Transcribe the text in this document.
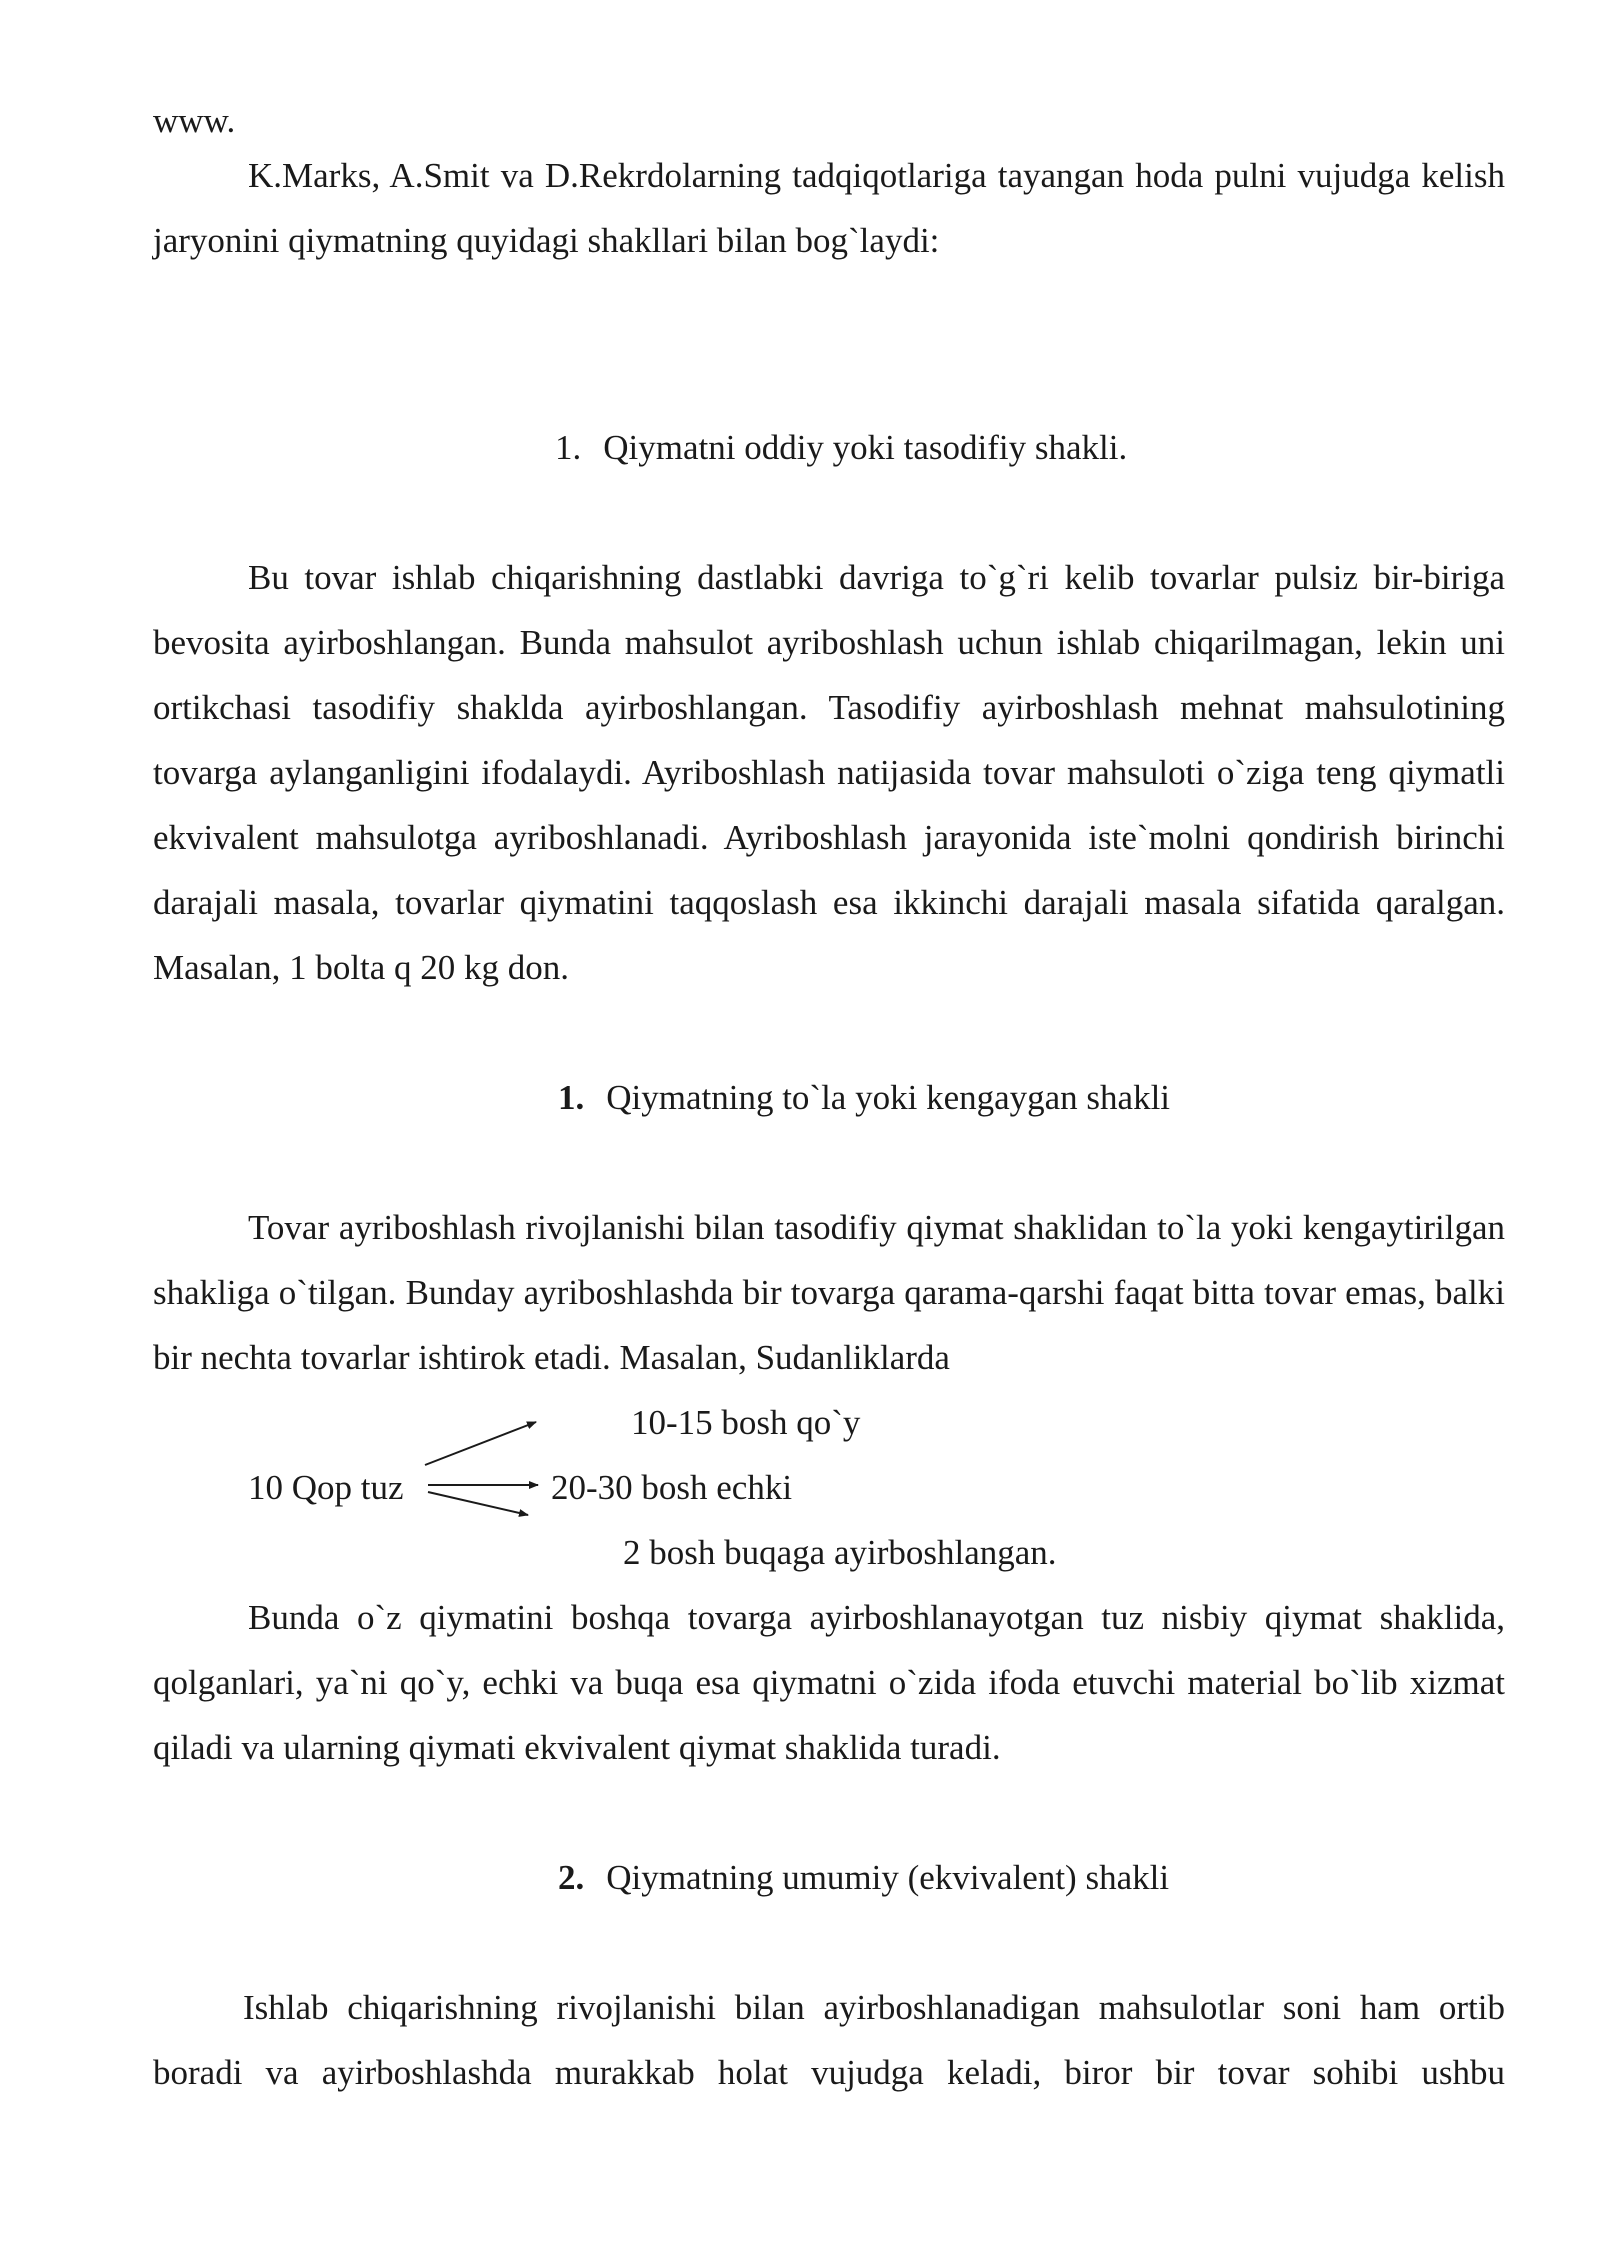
www.
K.Marks, A.Smit va D.Rekrdolarning tadqiqotlariga tayangan hoda pulni vujudga kelish jaryonini qiymatning quyidagi shakllari bilan bog`laydi:
1. Qiymatni oddiy yoki tasodifiy shakli.
Bu tovar ishlab chiqarishning dastlabki davriga to`g`ri kelib tovarlar pulsiz bir-biriga bevosita ayirboshlangan. Bunda mahsulot ayriboshlash uchun ishlab chiqarilmagan, lekin uni ortikchasi tasodifiy shaklda ayirboshlangan. Tasodifiy ayirboshlash mehnat mahsulotining tovarga aylanganligini ifodalaydi. Ayriboshlash natijasida tovar mahsuloti o`ziga teng qiymatli ekvivalent mahsulotga ayriboshlanadi. Ayriboshlash jarayonida iste`molni qondirish birinchi darajali masala, tovarlar qiymatini taqqoslash esa ikkinchi darajali masala sifatida qaralgan. Masalan, 1 bolta q 20 kg don.
1. Qiymatning to`la yoki kengaygan shakli
Tovar ayriboshlash rivojlanishi bilan tasodifiy qiymat shaklidan to`la yoki kengaytirilgan shakliga o`tilgan. Bunday ayriboshlashda bir tovarga qarama-qarshi faqat bitta tovar emas, balki bir nechta tovarlar ishtirok etadi. Masalan, Sudanliklarda
10-15 bosh qo`y
10 Qop tuz	20-30 bosh echki
2 bosh buqaga ayirboshlangan.
Bunda o`z qiymatini boshqa tovarga ayirboshlanayotgan tuz nisbiy qiymat shaklida, qolganlari, ya`ni qo`y, echki va buqa esa qiymatni o`zida ifoda etuvchi material bo`lib xizmat qiladi va ularning qiymati ekvivalent qiymat shaklida turadi.
2. Qiymatning umumiy (ekvivalent) shakli
Ishlab chiqarishning rivojlanishi bilan ayirboshlanadigan mahsulotlar soni ham ortib boradi va ayirboshlashda murakkab holat vujudga keladi, biror bir tovar sohibi ushbu
